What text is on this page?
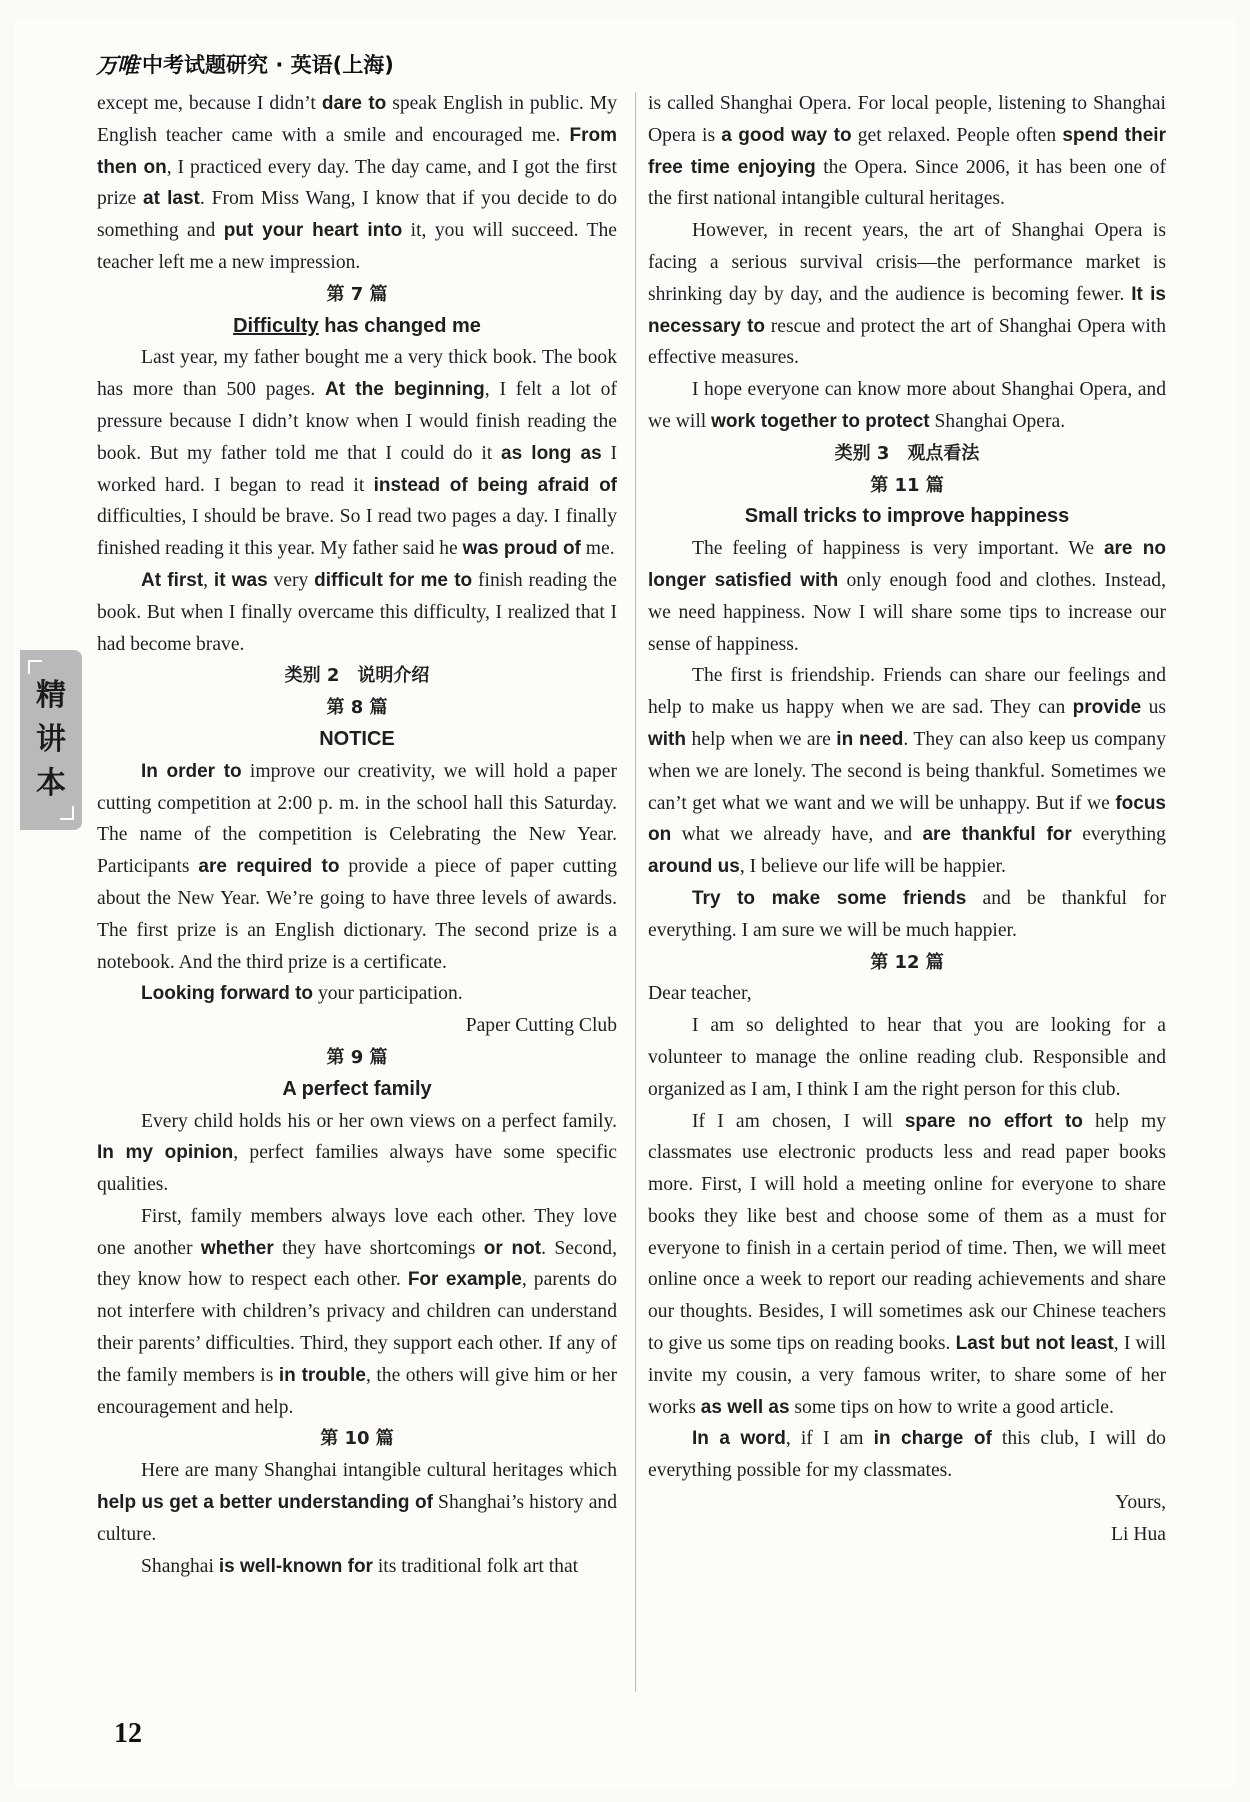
万唯 中考试题研究 · 英语(上海)
精
讲
本

except me, because I didn’t dare to speak English in public. My English teacher came with a smile and encouraged me. From then on, I practiced every day. The day came, and I got the first prize at last. From Miss Wang, I know that if you decide to do something and put your heart into it, you will succeed. The teacher left me a new impression.

第 7 篇

Difficulty has changed me

Last year, my father bought me a very thick book. The book has more than 500 pages. At the beginning, I felt a lot of pressure because I didn’t know when I would finish reading the book. But my father told me that I could do it as long as I worked hard. I began to read it instead of being afraid of difficulties, I should be brave. So I read two pages a day. I finally finished reading it this year. My father said he was proud of me.

At first, it was very difficult for me to finish reading the book. But when I finally overcame this difficulty, I realized that I had become brave.

类别 2　说明介绍

第 8 篇

NOTICE

In order to improve our creativity, we will hold a paper cutting competition at 2:00 p. m. in the school hall this Saturday. The name of the competition is Celebrating the New Year. Participants are required to provide a piece of paper cutting about the New Year. We’re going to have three levels of awards. The first prize is an English dictionary. The second prize is a notebook. And the third prize is a certificate.

Looking forward to your participation.

Paper Cutting Club

第 9 篇

A perfect family

Every child holds his or her own views on a perfect family. In my opinion, perfect families always have some specific qualities.

First, family members always love each other. They love one another whether they have shortcomings or not. Second, they know how to respect each other. For example, parents do not interfere with children’s privacy and children can understand their parents’ difficulties. Third, they support each other. If any of the family members is in trouble, the others will give him or her encouragement and help.

第 10 篇

Here are many Shanghai intangible cultural heritages which help us get a better understanding of Shanghai’s history and culture.

Shanghai is well-known for its traditional folk art that

is called Shanghai Opera. For local people, listening to Shanghai Opera is a good way to get relaxed. People often spend their free time enjoying the Opera. Since 2006, it has been one of the first national intangible cultural heritages.

However, in recent years, the art of Shanghai Opera is facing a serious survival crisis—the performance market is shrinking day by day, and the audience is becoming fewer. It is necessary to rescue and protect the art of Shanghai Opera with effective measures.

I hope everyone can know more about Shanghai Opera, and we will work together to protect Shanghai Opera.

类别 3　观点看法

第 11 篇

Small tricks to improve happiness

The feeling of happiness is very important. We are no longer satisfied with only enough food and clothes. Instead, we need happiness. Now I will share some tips to increase our sense of happiness.

The first is friendship. Friends can share our feelings and help to make us happy when we are sad. They can provide us with help when we are in need. They can also keep us company when we are lonely. The second is being thankful. Sometimes we can’t get what we want and we will be unhappy. But if we focus on what we already have, and are thankful for everything around us, I believe our life will be happier.

Try to make some friends and be thankful for everything. I am sure we will be much happier.

第 12 篇

Dear teacher,

I am so delighted to hear that you are looking for a volunteer to manage the online reading club. Responsible and organized as I am, I think I am the right person for this club.

If I am chosen, I will spare no effort to help my classmates use electronic products less and read paper books more. First, I will hold a meeting online for everyone to share books they like best and choose some of them as a must for everyone to finish in a certain period of time. Then, we will meet online once a week to report our reading achievements and share our thoughts. Besides, I will sometimes ask our Chinese teachers to give us some tips on reading books. Last but not least, I will invite my cousin, a very famous writer, to share some of her works as well as some tips on how to write a good article.

In a word, if I am in charge of this club, I will do everything possible for my classmates.

Yours,

Li Hua

12
